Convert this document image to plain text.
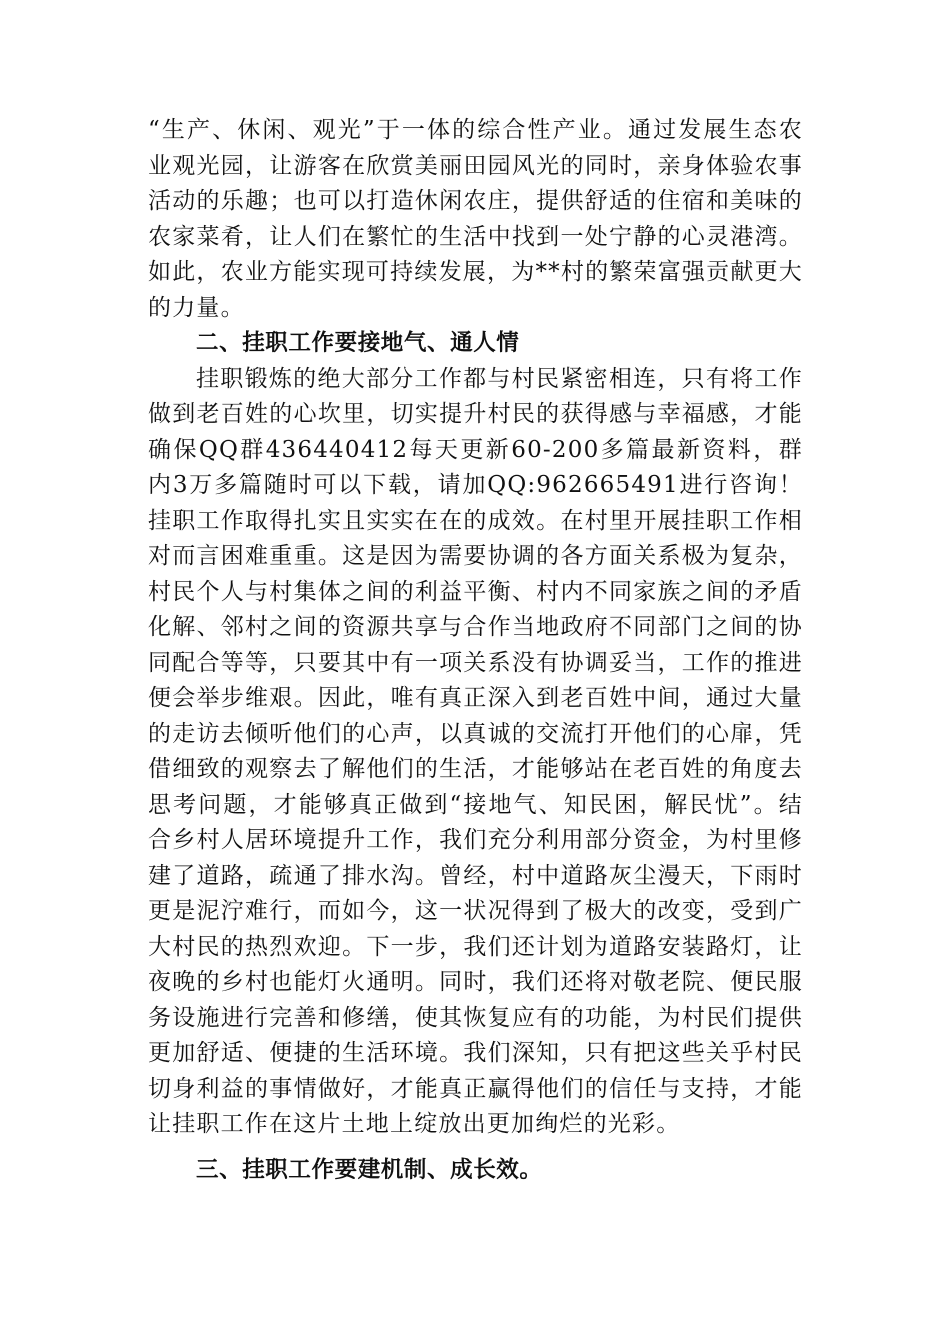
“生产、休闲、观光”于一体的综合性产业。通过发展生态农业观光园，让游客在欣赏美丽田园风光的同时，亲身体验农事活动的乐趣；也可以打造休闲农庄，提供舒适的住宿和美味的农家菜肴，让人们在繁忙的生活中找到一处宁静的心灵港湾。如此，农业方能实现可持续发展，为**村的繁荣富强贡献更大的力量。

二、挂职工作要接地气、通人情

挂职锻炼的绝大部分工作都与村民紧密相连，只有将工作做到老百姓的心坎里，切实提升村民的获得感与幸福感，才能确保QQ群436440412每天更新60-200多篇最新资料，群内3万多篇随时可以下载，请加QQ:962665491进行咨询！挂职工作取得扎实且实实在在的成效。在村里开展挂职工作相对而言困难重重。这是因为需要协调的各方面关系极为复杂，村民个人与村集体之间的利益平衡、村内不同家族之间的矛盾化解、邻村之间的资源共享与合作当地政府不同部门之间的协同配合等等，只要其中有一项关系没有协调妥当，工作的推进便会举步维艰。因此，唯有真正深入到老百姓中间，通过大量的走访去倾听他们的心声，以真诚的交流打开他们的心扉，凭借细致的观察去了解他们的生活，才能够站在老百姓的角度去思考问题，才能够真正做到“接地气、知民困，解民忧”。结合乡村人居环境提升工作，我们充分利用部分资金，为村里修建了道路，疏通了排水沟。曾经，村中道路灰尘漫天，下雨时更是泥泞难行，而如今，这一状况得到了极大的改变，受到广大村民的热烈欢迎。下一步，我们还计划为道路安装路灯，让夜晚的乡村也能灯火通明。同时，我们还将对敬老院、便民服务设施进行完善和修缮，使其恢复应有的功能，为村民们提供更加舒适、便捷的生活环境。我们深知，只有把这些关乎村民切身利益的事情做好，才能真正赢得他们的信任与支持，才能让挂职工作在这片土地上绽放出更加绚烂的光彩。

三、挂职工作要建机制、成长效。
